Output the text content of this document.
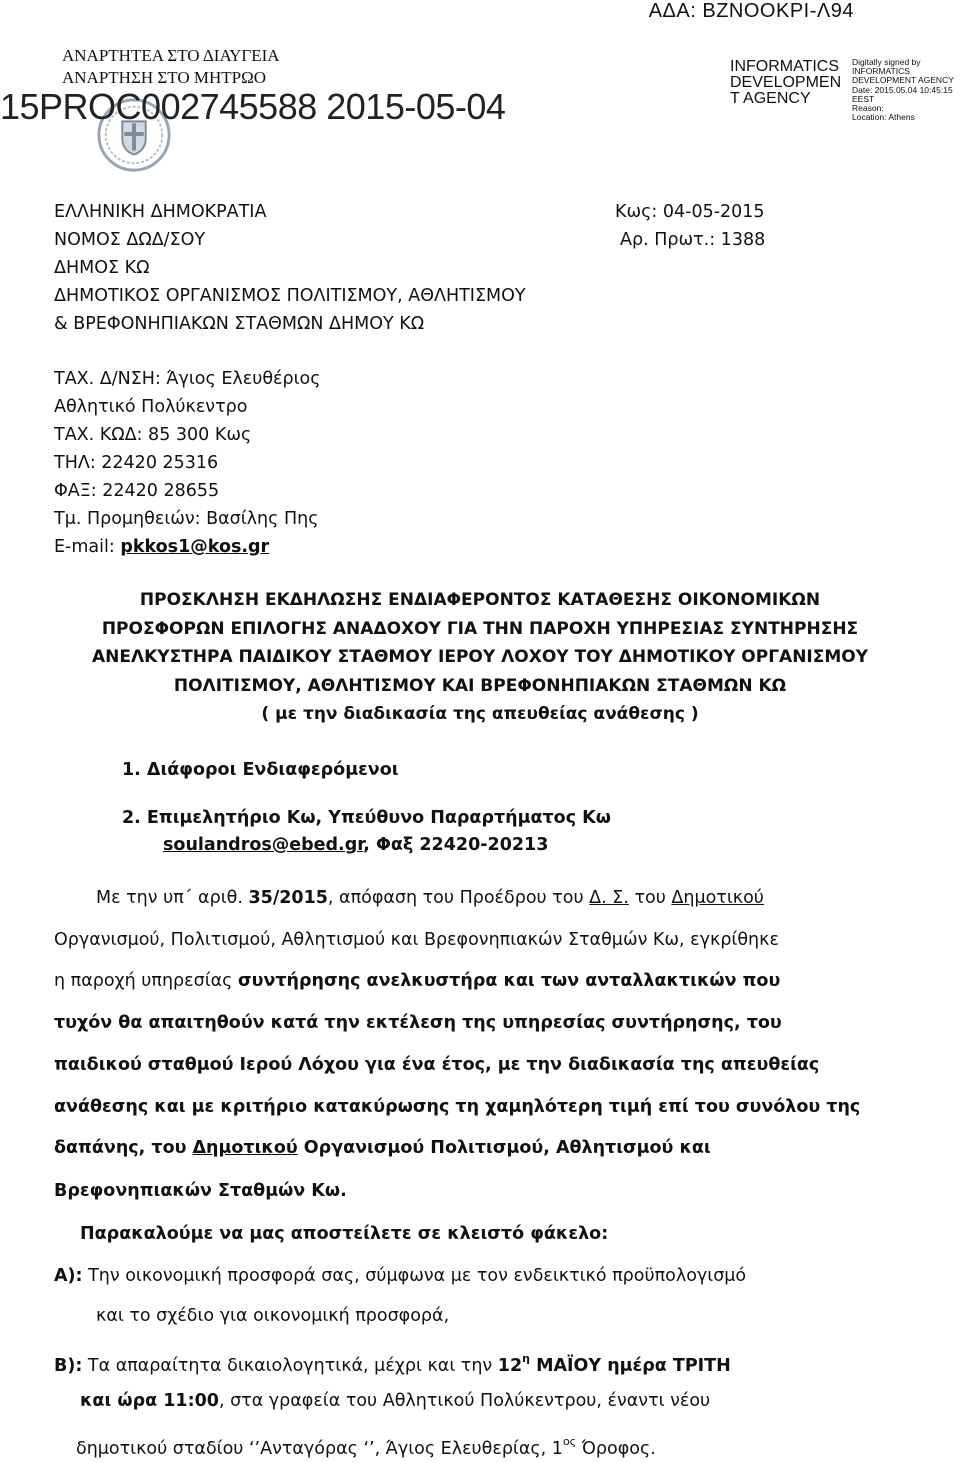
ΑΔΑ: ΒΖΝΟΟΚΡΙ-Λ94
ΑΝΑΡΤΗΤΕΑ ΣΤΟ ΔΙΑΥΓΕΙΑ
ΑΝΑΡΤΗΣΗ ΣΤΟ ΜΗΤΡΩΟ
15PROC002745588 2015-05-04
INFORMATICS DEVELOPMEN T AGENCY
Digitally signed by
INFORMATICS
DEVELOPMENT AGENCY
Date: 2015.05.04 10:45:15
EEST
Reason:
Location: Athens
ΕΛΛΗΝΙΚΗ ΔΗΜΟΚΡΑΤΙΑ
ΝΟΜΟΣ ΔΩΔ/ΣΟΥ
ΔΗΜΟΣ ΚΩ
ΔΗΜΟΤΙΚΟΣ ΟΡΓΑΝΙΣΜΟΣ ΠΟΛΙΤΙΣΜΟΥ, ΑΘΛΗΤΙΣΜΟΥ
& ΒΡΕΦΟΝΗΠΙΑΚΩΝ ΣΤΑΘΜΩΝ ΔΗΜΟΥ ΚΩ
Κως: 04-05-2015
Αρ. Πρωτ.: 1388
ΤΑΧ. Δ/ΝΣΗ: Άγιος Ελευθέριος
Αθλητικό Πολύκεντρο
ΤΑΧ. ΚΩΔ: 85 300 Κως
ΤΗΛ: 22420 25316
ΦΑΞ: 22420 28655
Τμ. Προμηθειών: Βασίλης Πης
E-mail: pkkos1@kos.gr
ΠΡΟΣΚΛΗΣΗ ΕΚΔΗΛΩΣΗΣ ΕΝΔΙΑΦΕΡΟΝΤΟΣ ΚΑΤΑΘΕΣΗΣ ΟΙΚΟΝΟΜΙΚΩΝ
ΠΡΟΣΦΟΡΩΝ ΕΠΙΛΟΓΗΣ ΑΝΑΔΟΧΟΥ ΓΙΑ ΤΗΝ ΠΑΡΟΧΗ ΥΠΗΡΕΣΙΑΣ ΣΥΝΤΗΡΗΣΗΣ
ΑΝΕΛΚΥΣΤΗΡΑ ΠΑΙΔΙΚΟΥ ΣΤΑΘΜΟΥ ΙΕΡΟΥ ΛΟΧΟΥ ΤΟΥ ΔΗΜΟΤΙΚΟΥ ΟΡΓΑΝΙΣΜΟΥ
ΠΟΛΙΤΙΣΜΟΥ, ΑΘΛΗΤΙΣΜΟΥ ΚΑΙ ΒΡΕΦΟΝΗΠΙΑΚΩΝ ΣΤΑΘΜΩΝ ΚΩ
( με την διαδικασία της απευθείας ανάθεσης )
1. Διάφοροι Ενδιαφερόμενοι
2. Επιμελητήριο Κω, Υπεύθυνο Παραρτήματος Κω
soulandros@ebed.gr, Φαξ 22420-20213
Με την υπ΄ αριθ. 35/2015, απόφαση του Προέδρου του Δ. Σ. του Δημοτικού
Οργανισμού, Πολιτισμού, Αθλητισμού και Βρεφονηπιακών Σταθμών Κω, εγκρίθηκε
η παροχή υπηρεσίας συντήρησης ανελκυστήρα και των ανταλλακτικών που
τυχόν θα απαιτηθούν κατά την εκτέλεση της υπηρεσίας συντήρησης, του
παιδικού σταθμού Ιερού Λόχου για ένα έτος, με την διαδικασία της απευθείας
ανάθεσης και με κριτήριο κατακύρωσης τη χαμηλότερη τιμή επί του συνόλου της
δαπάνης, του Δημοτικού Οργανισμού Πολιτισμού, Αθλητισμού και
Βρεφονηπιακών Σταθμών Κω.
Παρακαλούμε να μας αποστείλετε σε κλειστό φάκελο:
Α): Την οικονομική προσφορά σας, σύμφωνα με τον ενδεικτικό προϋπολογισμό
και το σχέδιο για οικονομική προσφορά,
Β): Τα απαραίτητα δικαιολογητικά, μέχρι και την $12^\eta$ ΜΑΪΟΥ ημέρα ΤΡΙΤΗ
και ώρα 11:00, στα γραφεία του Αθλητικού Πολύκεντρου, έναντι νέου
δημοτικού σταδίου ‘’Ανταγόρας ‘’, Άγιος Ελευθερίας, $1^{o\varsigma}$ Όροφος.
